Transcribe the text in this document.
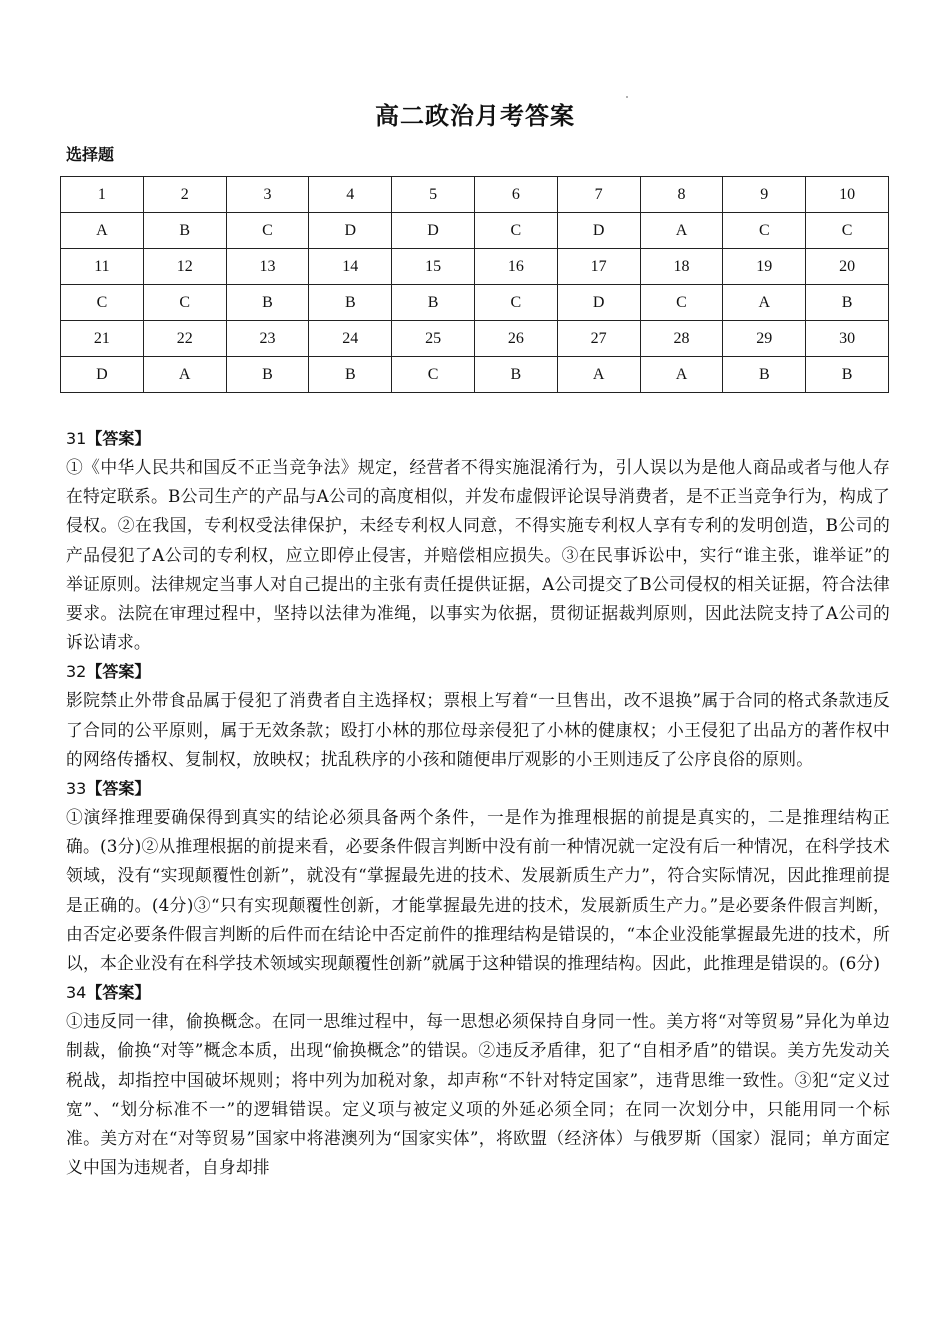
高二政治月考答案

选择题

1	2	3	4	5	6	7	8	9	10
A	B	C	D	D	C	D	A	C	C
11	12	13	14	15	16	17	18	19	20
C	C	B	B	B	C	D	C	A	B
21	22	23	24	25	26	27	28	29	30
D	A	B	B	C	B	A	A	B	B

31【答案】

①《中华人民共和国反不正当竞争法》规定，经营者不得实施混淆行为，引人误以为是他人商品或者与他人存在特定联系。B公司生产的产品与A公司的高度相似，并发布虚假评论误导消费者，是不正当竞争行为，构成了侵权。②在我国，专利权受法律保护，未经专利权人同意，不得实施专利权人享有专利的发明创造，B公司的产品侵犯了A公司的专利权，应立即停止侵害，并赔偿相应损失。③在民事诉讼中，实行“谁主张，谁举证”的举证原则。法律规定当事人对自己提出的主张有责任提供证据，A公司提交了B公司侵权的相关证据，符合法律要求。法院在审理过程中，坚持以法律为准绳，以事实为依据，贯彻证据裁判原则，因此法院支持了A公司的诉讼请求。

32【答案】

影院禁止外带食品属于侵犯了消费者自主选择权；票根上写着“一旦售出，改不退换”属于合同的格式条款违反了合同的公平原则，属于无效条款；殴打小林的那位母亲侵犯了小林的健康权；小王侵犯了出品方的著作权中的网络传播权、复制权，放映权；扰乱秩序的小孩和随便串厅观影的小王则违反了公序良俗的原则。

33【答案】

①演绎推理要确保得到真实的结论必须具备两个条件，一是作为推理根据的前提是真实的，二是推理结构正确。(3分)②从推理根据的前提来看，必要条件假言判断中没有前一种情况就一定没有后一种情况，在科学技术领域，没有“实现颠覆性创新”，就没有“掌握最先进的技术、发展新质生产力”，符合实际情况，因此推理前提是正确的。(4分)③“只有实现颠覆性创新，才能掌握最先进的技术，发展新质生产力。”是必要条件假言判断，由否定必要条件假言判断的后件而在结论中否定前件的推理结构是错误的，“本企业没能掌握最先进的技术，所以，本企业没有在科学技术领域实现颠覆性创新”就属于这种错误的推理结构。因此，此推理是错误的。(6分)

34【答案】

①违反同一律，偷换概念。在同一思维过程中，每一思想必须保持自身同一性。美方将“对等贸易”异化为单边制裁，偷换“对等”概念本质，出现“偷换概念”的错误。②违反矛盾律，犯了“自相矛盾”的错误。美方先发动关税战，却指控中国破坏规则；将中列为加税对象，却声称“不针对特定国家”，违背思维一致性。③犯“定义过宽”、“划分标准不一”的逻辑错误。定义项与被定义项的外延必须全同；在同一次划分中，只能用同一个标准。美方对在“对等贸易”国家中将港澳列为“国家实体”，将欧盟（经济体）与俄罗斯（国家）混同；单方面定义中国为违规者，自身却排
